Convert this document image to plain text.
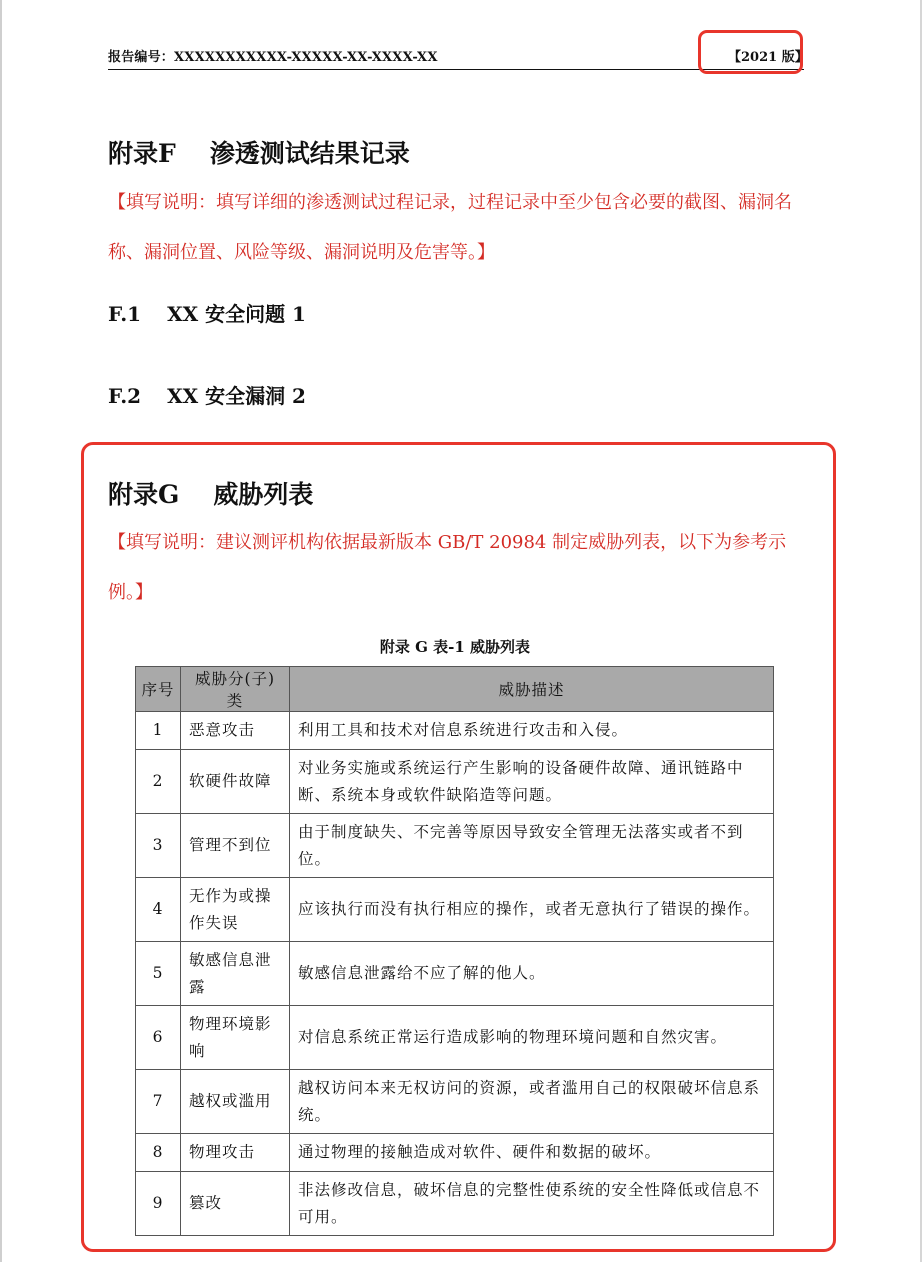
报告编号：XXXXXXXXXXX-XXXXX-XX-XXXX-XX	【2021 版】
附录F 渗透测试结果记录
【填写说明：填写详细的渗透测试过程记录，过程记录中至少包含必要的截图、漏洞名称、漏洞位置、风险等级、漏洞说明及危害等。】
F.1 XX 安全问题 1
F.2 XX 安全漏洞 2
附录G 威胁列表
【填写说明：建议测评机构依据最新版本 GB/T 20984 制定威胁列表，以下为参考示例。】
附录 G 表-1 威胁列表
序号	威胁分(子)类	威胁描述
1	恶意攻击	利用工具和技术对信息系统进行攻击和入侵。
2	软硬件故障	对业务实施或系统运行产生影响的设备硬件故障、通讯链路中断、系统本身或软件缺陷造等问题。
3	管理不到位	由于制度缺失、不完善等原因导致安全管理无法落实或者不到位。
4	无作为或操作失误	应该执行而没有执行相应的操作，或者无意执行了错误的操作。
5	敏感信息泄露	敏感信息泄露给不应了解的他人。
6	物理环境影响	对信息系统正常运行造成影响的物理环境问题和自然灾害。
7	越权或滥用	越权访问本来无权访问的资源，或者滥用自己的权限破坏信息系统。
8	物理攻击	通过物理的接触造成对软件、硬件和数据的破坏。
9	篡改	非法修改信息，破坏信息的完整性使系统的安全性降低或信息不可用。
